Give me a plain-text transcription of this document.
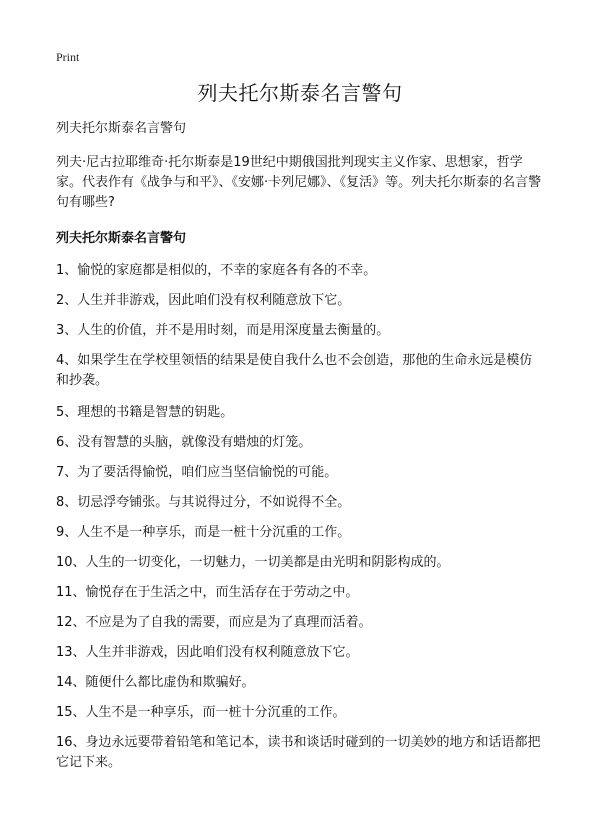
Print
列夫托尔斯泰名言警句

列夫托尔斯泰名言警句

列夫·尼古拉耶维奇·托尔斯泰是19世纪中期俄国批判现实主义作家、思想家，哲学家。代表作有《战争与和平》、《安娜·卡列尼娜》、《复活》等。列夫托尔斯泰的名言警句有哪些?

列夫托尔斯泰名言警句
1、愉悦的家庭都是相似的，不幸的家庭各有各的不幸。
2、人生并非游戏，因此咱们没有权利随意放下它。
3、人生的价值，并不是用时刻，而是用深度量去衡量的。
4、如果学生在学校里领悟的结果是使自我什么也不会创造，那他的生命永远是模仿和抄袭。
5、理想的书籍是智慧的钥匙。
6、没有智慧的头脑，就像没有蜡烛的灯笼。
7、为了要活得愉悦，咱们应当坚信愉悦的可能。
8、切忌浮夸铺张。与其说得过分，不如说得不全。
9、人生不是一种享乐，而是一桩十分沉重的工作。
10、人生的一切变化，一切魅力，一切美都是由光明和阴影构成的。
11、愉悦存在于生活之中，而生活存在于劳动之中。
12、不应是为了自我的需要，而应是为了真理而活着。
13、人生并非游戏，因此咱们没有权利随意放下它。
14、随便什么都比虚伪和欺骗好。
15、人生不是一种享乐，而一桩十分沉重的工作。
16、身边永远要带着铅笔和笔记本，读书和谈话时碰到的一切美妙的地方和话语都把它记下来。
